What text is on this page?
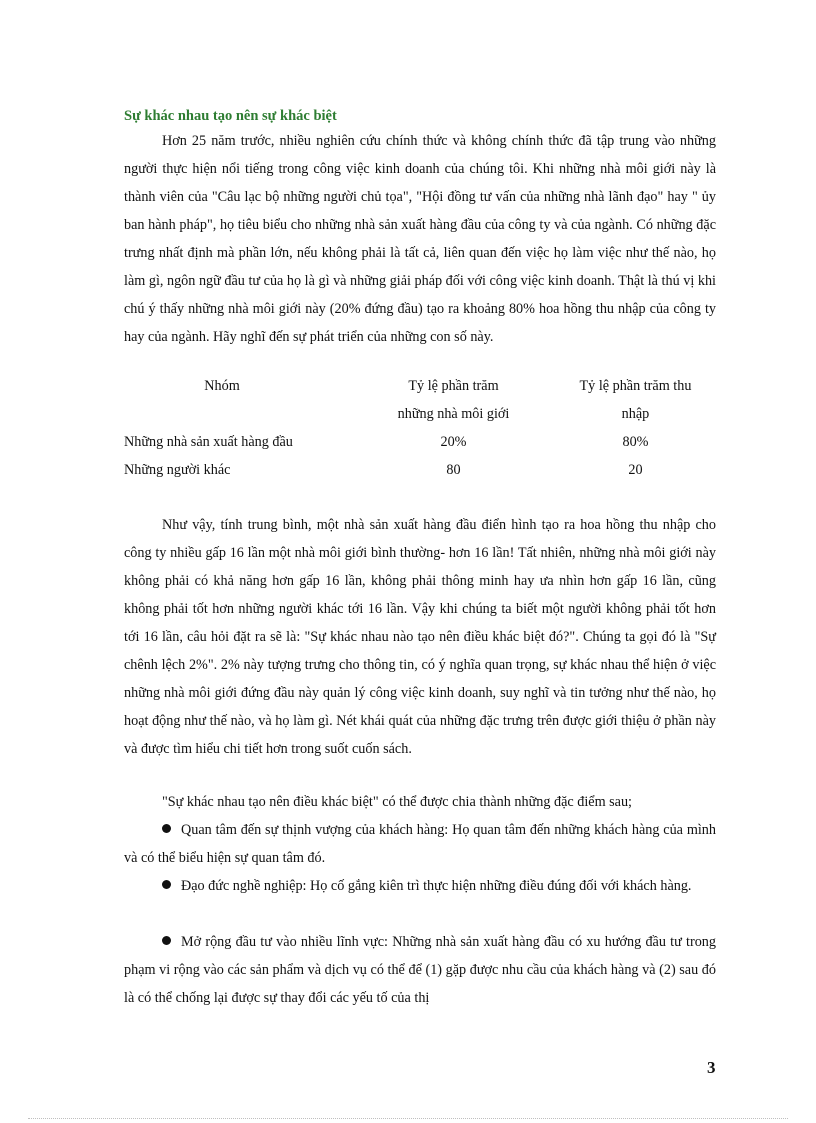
Sự khác nhau tạo nên sự khác biệt
Hơn 25 năm trước, nhiều nghiên cứu chính thức và không chính thức đã tập trung vào những người thực hiện nổi tiếng trong công việc kinh doanh của chúng tôi. Khi những nhà môi giới này là thành viên của "Câu lạc bộ những người chủ tọa", "Hội đồng tư vấn của những nhà lãnh đạo" hay " ủy ban hành pháp", họ tiêu biểu cho những nhà sản xuất hàng đầu của công ty và của ngành. Có những đặc trưng nhất định mà phần lớn, nếu không phải là tất cả, liên quan đến việc họ làm việc như thế nào, họ làm gì, ngôn ngữ đầu tư của họ là gì và những giải pháp đối với công việc kinh doanh. Thật là thú vị khi chú ý thấy những nhà môi giới này (20% đứng đầu) tạo ra khoảng 80% hoa hồng thu nhập của công ty hay của ngành. Hãy nghĩ đến sự phát triển của những con số này.
Nhóm	Tỷ lệ phần trăm	Tỷ lệ phần trăm thu
	những nhà môi giới	nhập
Những nhà sản xuất hàng đầu	20%	80%
Những người khác	80	20
Như vậy, tính trung bình, một nhà sản xuất hàng đầu điển hình tạo ra hoa hồng thu nhập cho công ty nhiều gấp 16 lần một nhà môi giới bình thường- hơn 16 lần! Tất nhiên, những nhà môi giới này không phải có khả năng hơn gấp 16 lần, không phải thông minh hay ưa nhìn hơn gấp 16 lần, cũng không phải tốt hơn những người khác tới 16 lần. Vậy khi chúng ta biết một người không phải tốt hơn tới 16 lần, câu hỏi đặt ra sẽ là: "Sự khác nhau nào tạo nên điều khác biệt đó?". Chúng ta gọi đó là "Sự chênh lệch 2%". 2% này tượng trưng cho thông tin, có ý nghĩa quan trọng, sự khác nhau thể hiện ở việc những nhà môi giới đứng đầu này quản lý công việc kinh doanh, suy nghĩ và tin tưởng như thế nào, họ hoạt động như thế nào, và họ làm gì. Nét khái quát của những đặc trưng trên được giới thiệu ở phần này và được tìm hiểu chi tiết hơn trong suốt cuốn sách.
"Sự khác nhau tạo nên điều khác biệt" có thể được chia thành những đặc điểm sau;
Quan tâm đến sự thịnh vượng của khách hàng: Họ quan tâm đến những khách hàng của mình và có thể biểu hiện sự quan tâm đó.
Đạo đức nghề nghiệp: Họ cố gắng kiên trì thực hiện những điều đúng đối với khách hàng.
Mở rộng đầu tư vào nhiều lĩnh vực: Những nhà sản xuất hàng đầu có xu hướng đầu tư trong phạm vi rộng vào các sản phẩm và dịch vụ có thể để (1) gặp được nhu cầu của khách hàng và (2) sau đó là có thể chống lại được sự thay đổi các yếu tố của thị
3
